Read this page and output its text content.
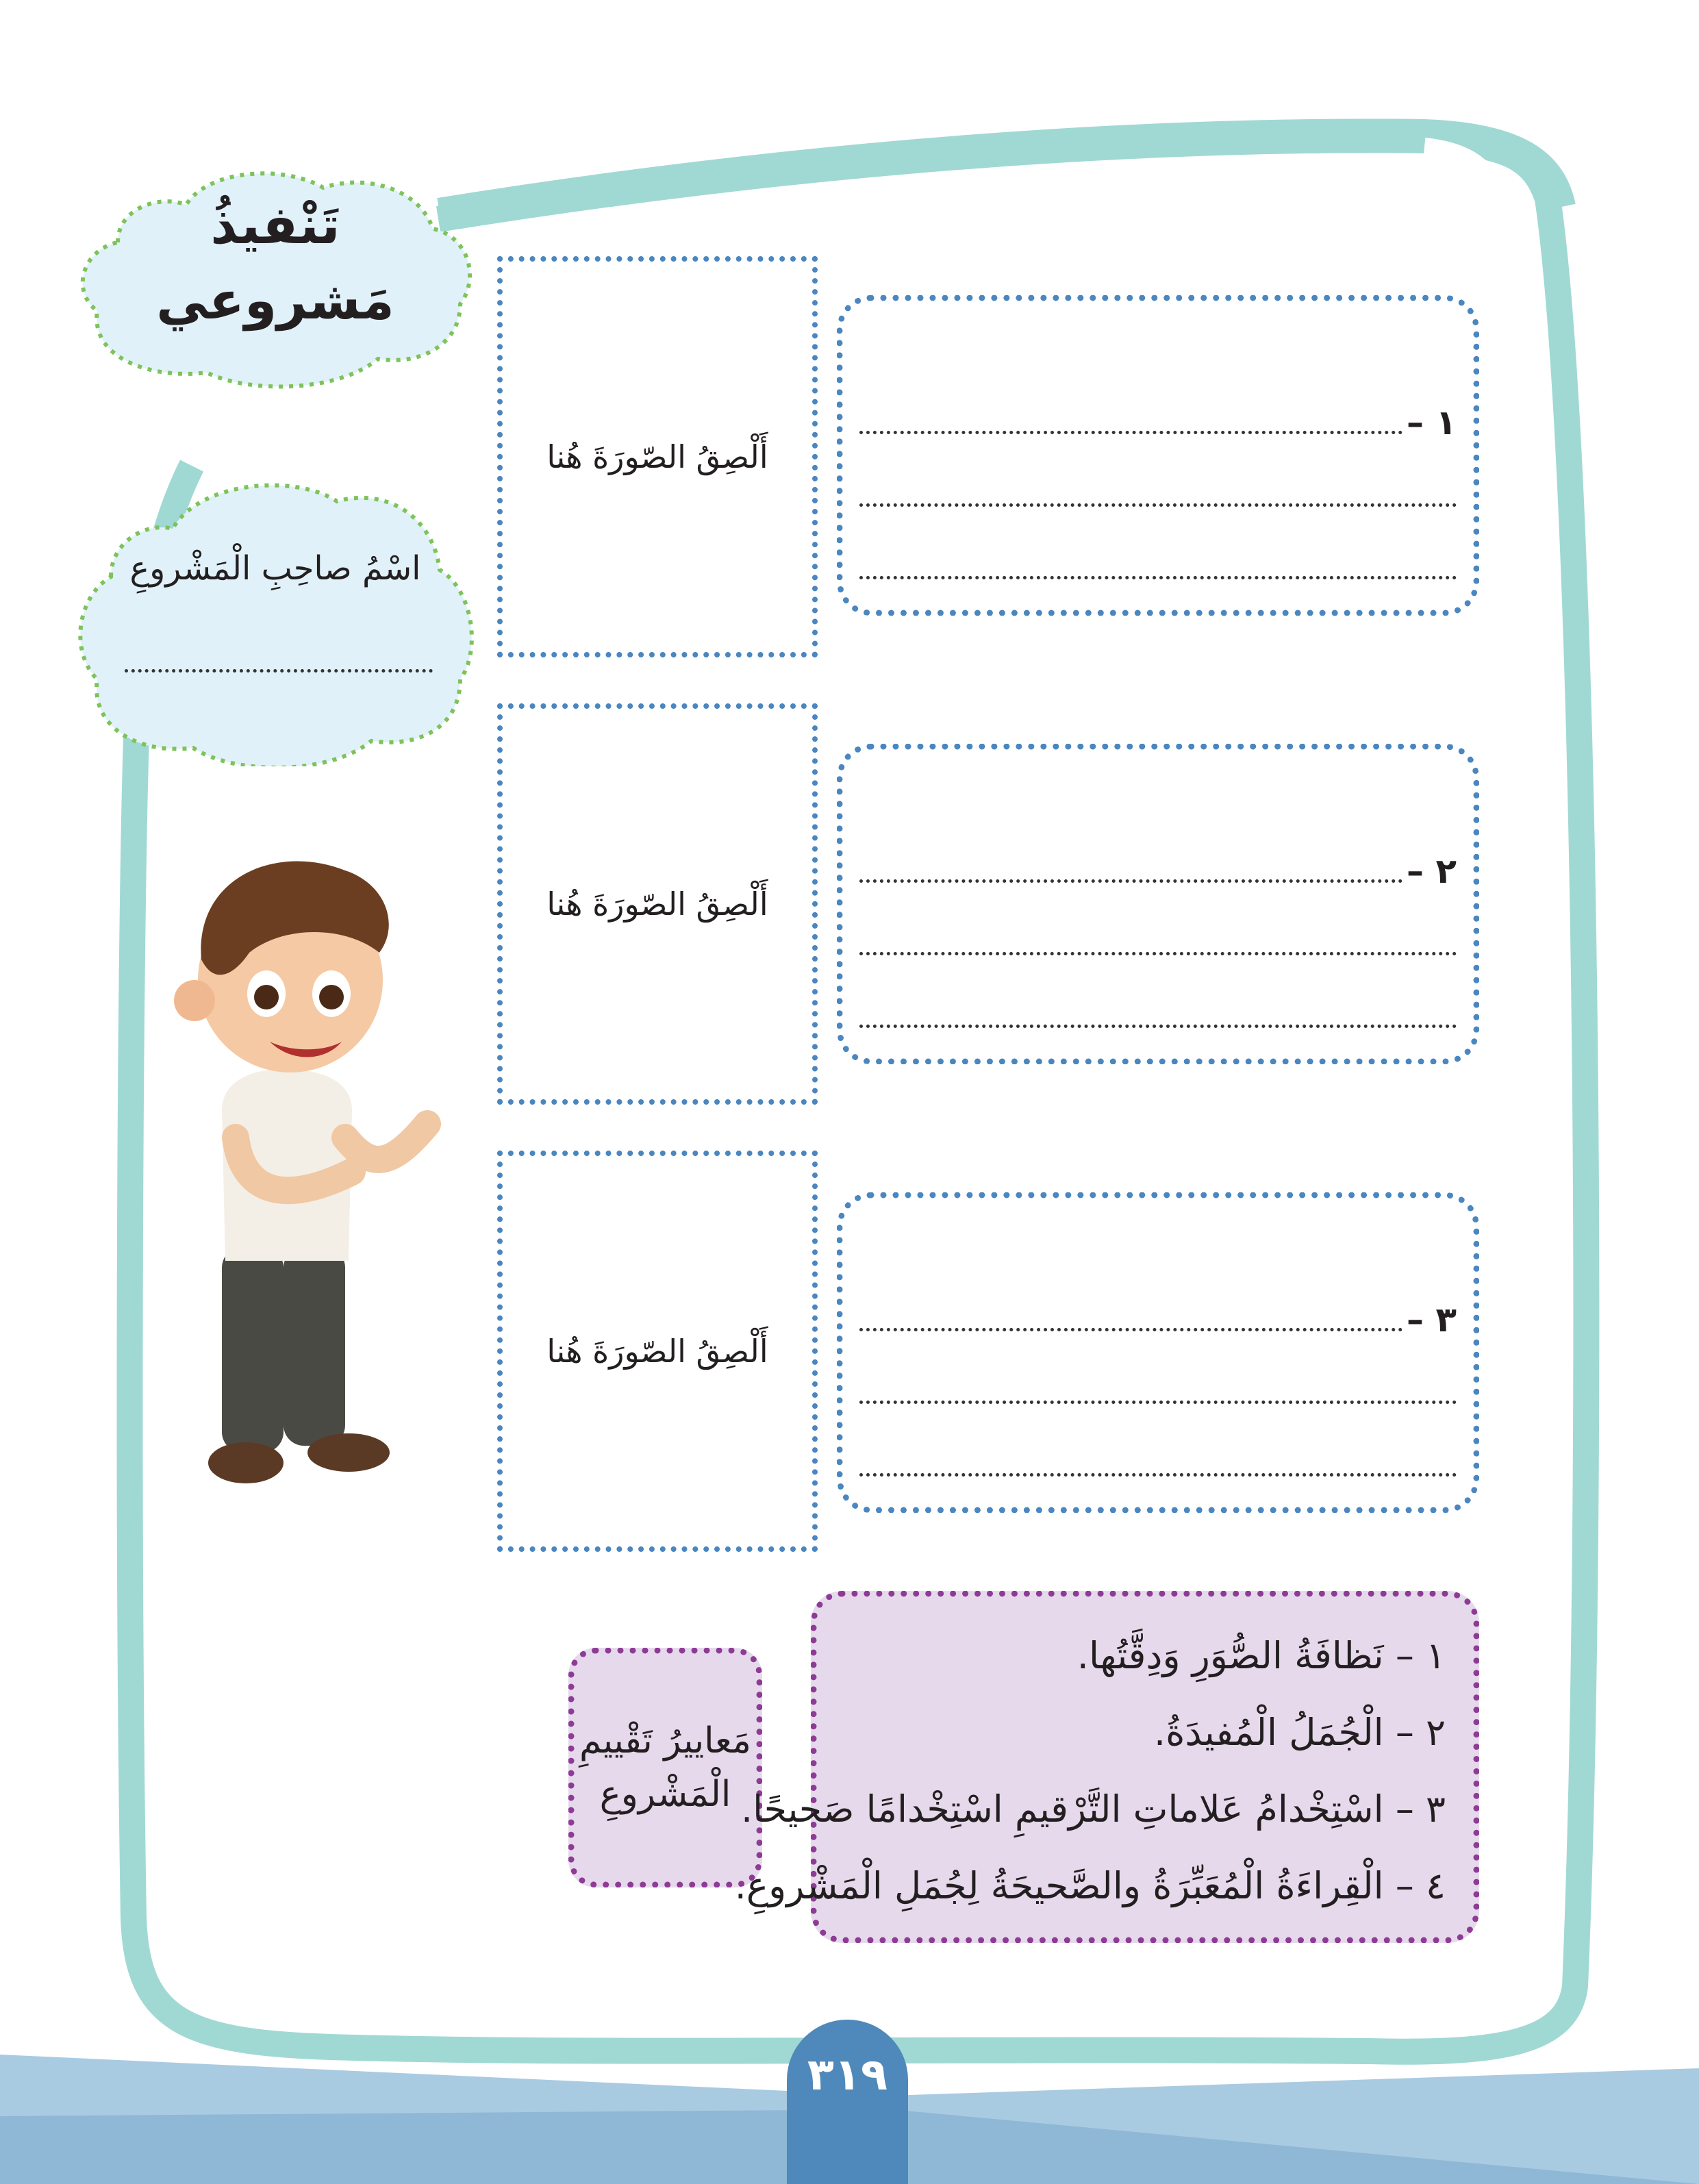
تَنْفيذُ
مَشروعي
اسْمُ صاحِبِ الْمَشْروعِ
أَلْصِقُ الصّورَةَ هُنا
أَلْصِقُ الصّورَةَ هُنا
أَلْصِقُ الصّورَةَ هُنا
١ –
٢ –
٣ –
مَعاييرُ تَقْييمِ الْمَشْروعِ
١ – نَظافَةُ الصُّوَرِ وَدِقَّتُها.
٢ – الْجُمَلُ الْمُفيدَةُ.
٣ – اسْتِخْدامُ عَلاماتِ التَّرْقيمِ اسْتِخْدامًا صَحيحًا.
٤ – الْقِراءَةُ الْمُعَبِّرَةُ والصَّحيحَةُ لِجُمَلِ الْمَشْروعِ.
٣١٩
